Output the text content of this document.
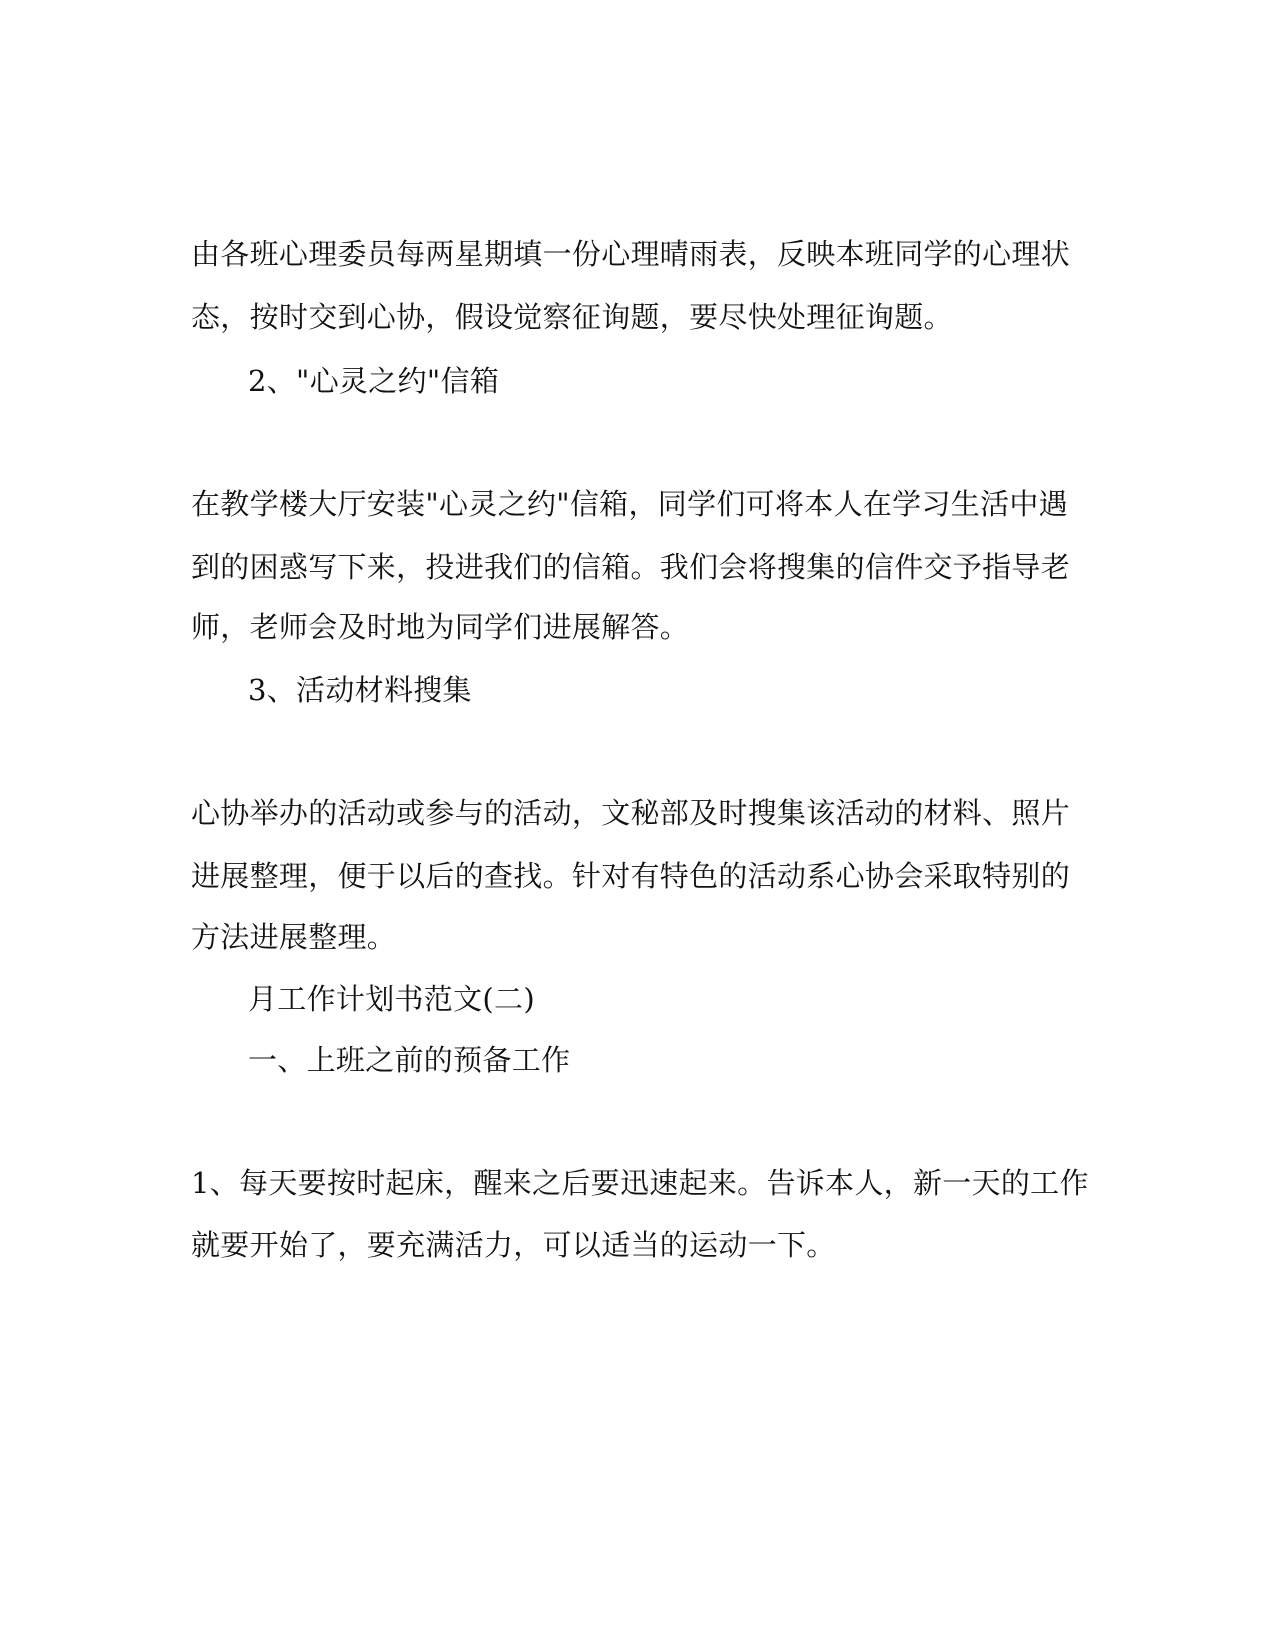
由各班心理委员每两星期填一份心理晴雨表，反映本班同学的心理状
态，按时交到心协，假设觉察征询题，要尽快处理征询题。
2、"心灵之约"信箱
在教学楼大厅安装"心灵之约"信箱，同学们可将本人在学习生活中遇
到的困惑写下来，投进我们的信箱。我们会将搜集的信件交予指导老
师，老师会及时地为同学们进展解答。
3、活动材料搜集
心协举办的活动或参与的活动，文秘部及时搜集该活动的材料、照片
进展整理，便于以后的查找。针对有特色的活动系心协会采取特别的
方法进展整理。
月工作计划书范文(二)
一、上班之前的预备工作
1、每天要按时起床，醒来之后要迅速起来。告诉本人，新一天的工作
就要开始了，要充满活力，可以适当的运动一下。
